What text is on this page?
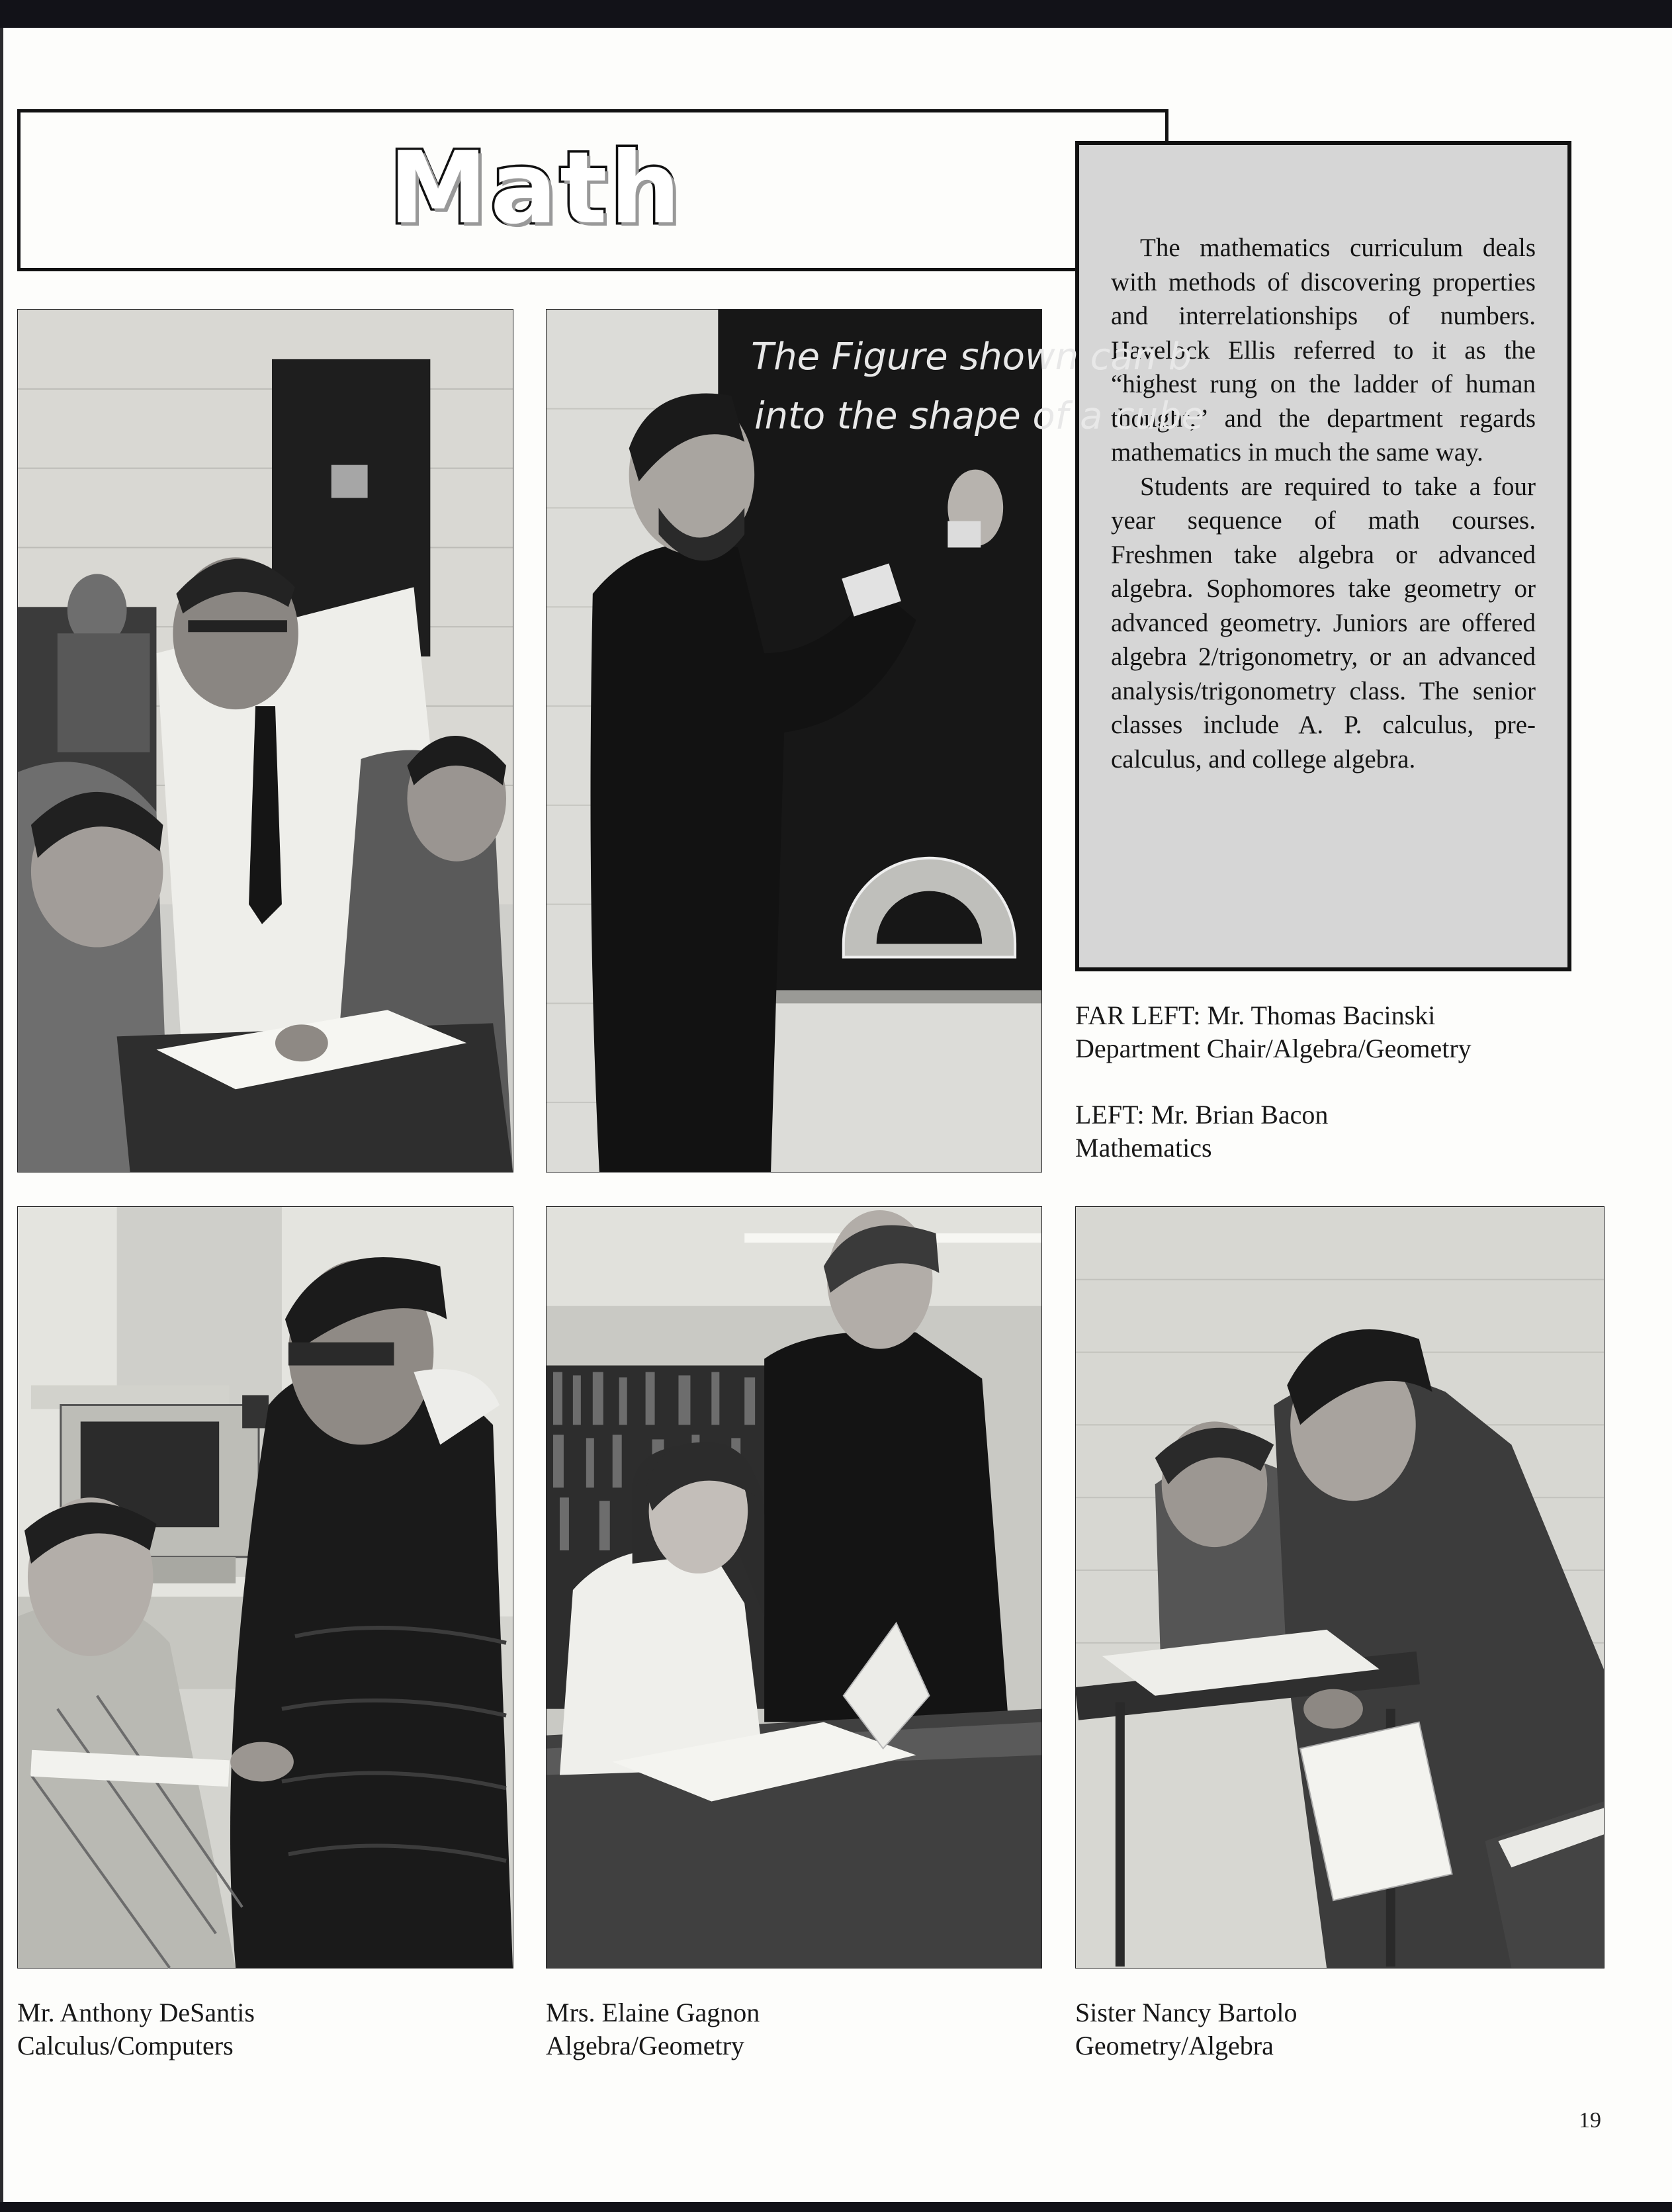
Math

The mathematics curriculum deals with methods of discovering properties and interrelationships of numbers. Havelock Ellis referred to it as the “highest rung on the ladder of human thought,” and the department regards mathematics in much the same way.

Students are required to take a four year sequence of math courses. Freshmen take algebra or advanced algebra. Sophomores take geometry or advanced geometry. Juniors are offered algebra 2/trigonometry, or an advanced analysis/trigonometry class. The senior classes include A. P. calculus, pre-calculus, and college algebra.

The Figure shown can b
into the shape of a cube
FAR LEFT: Mr. Thomas Bacinski
Department Chair/Algebra/Geometry
LEFT: Mr. Brian Bacon
Mathematics
Mr. Anthony DeSantis
Calculus/Computers
Mrs. Elaine Gagnon
Algebra/Geometry
Sister Nancy Bartolo
Geometry/Algebra
19
